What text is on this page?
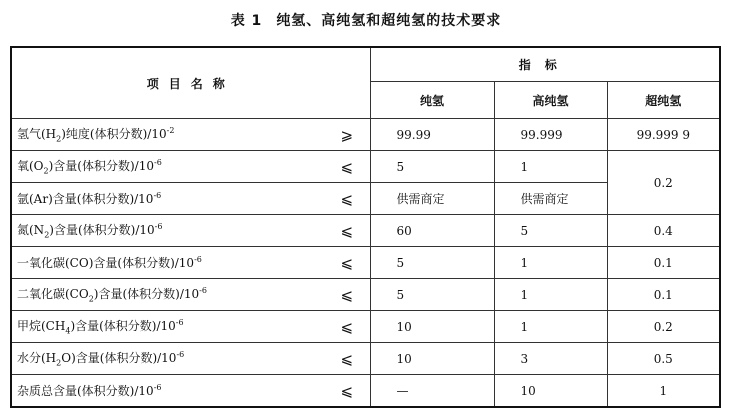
表 1 纯氢、高纯氢和超纯氢的技术要求
项目名称		指标		
		纯氢	高纯氢	超纯氢
氢气$(H_2)$纯度(体积分数)$/10^{-2}$	⩾	99.99	99.999	99.999 9
氧$(O_2)$含量(体积分数)$/10^{-6}$	⩽	5	1	0.2
氩(Ar)含量(体积分数)$/10^{-6}$	⩽	供需商定	供需商定	
氮$(N_2)$含量(体积分数)$/10^{-6}$	⩽	60	5	0.4
一氧化碳(CO)含量(体积分数)$/10^{-6}$	⩽	5	1	0.1
二氧化碳$(CO_2)$含量(体积分数)$/10^{-6}$	⩽	5	1	0.1
甲烷$(CH_4)$含量(体积分数)$/10^{-6}$	⩽	10	1	0.2
水分$(H_2O)$含量(体积分数)$/10^{-6}$	⩽	10	3	0.5
杂质总含量(体积分数)$/10^{-6}$	⩽	—	10	1
